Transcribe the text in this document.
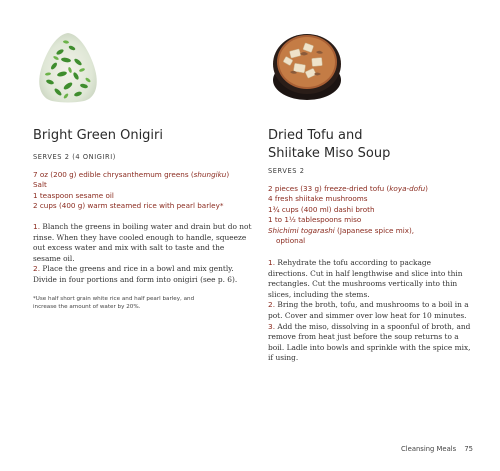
Bright Green Onigiri
SERVES 2 (4 ONIGIRI)
7 oz (200 g) edible chrysanthemum greens (shungiku)
Salt
1 teaspoon sesame oil
2 cups (400 g) warm steamed rice with pearl barley*

1. Blanch the greens in boiling water and drain but do not rinse. When they have cooled enough to handle, squeeze out excess water and mix with salt to taste and the sesame oil.

2. Place the greens and rice in a bowl and mix gently. Divide in four portions and form into onigiri (see p. 6).

*Use half short grain white rice and half pearl barley, and increase the amount of water by 20%.
Dried Tofu and Shiitake Miso Soup
SERVES 2
2 pieces (33 g) freeze-dried tofu (koya-dofu)
4 fresh shiitake mushrooms
1¾ cups (400 ml) dashi broth
1 to 1½ tablespoons miso
Shichimi togarashi (Japanese spice mix),
optional

1. Rehydrate the tofu according to package directions. Cut in half lengthwise and slice into thin rectangles. Cut the mushrooms vertically into thin slices, including the stems.

2. Bring the broth, tofu, and mushrooms to a boil in a pot. Cover and simmer over low heat for 10 minutes.

3. Add the miso, dissolving in a spoonful of broth, and remove from heat just before the soup returns to a boil. Ladle into bowls and sprinkle with the spice mix, if using.

Cleansing Meals 75
